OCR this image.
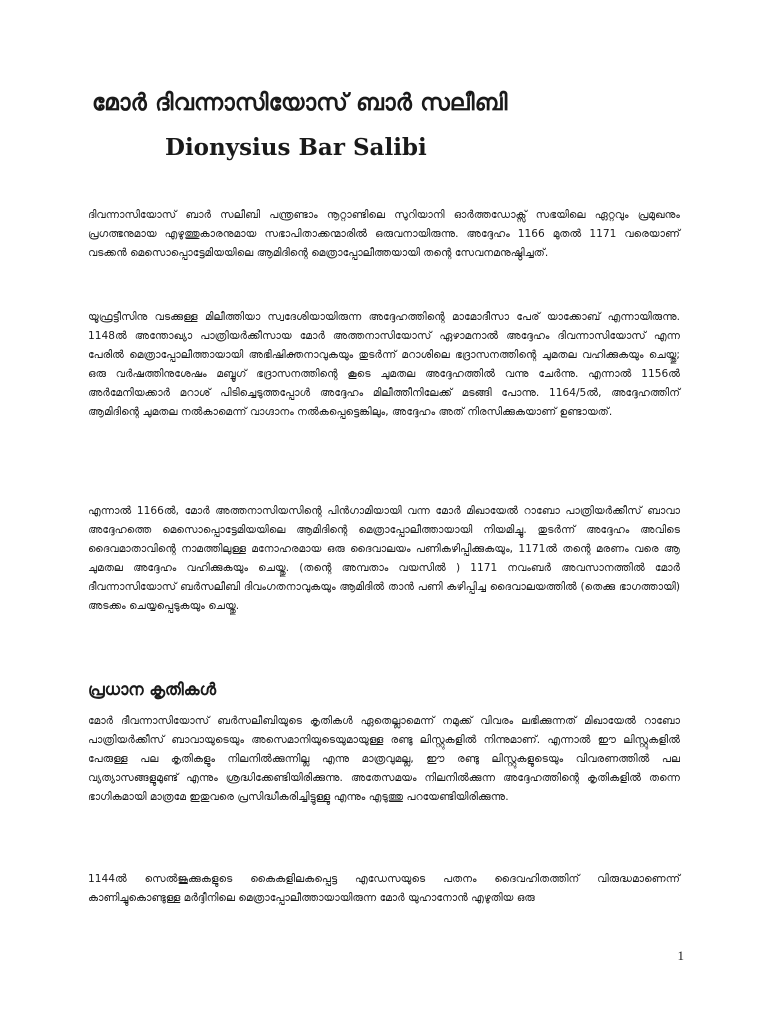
മോർ ദിവന്നാസിയോസ് ബാർ സലീബി
Dionysius Bar Salibi

ദിവന്നാസിയോസ് ബാർ സലീബി പന്ത്രണ്ടാം നൂറ്റാണ്ടിലെ സുറിയാനി ഓർത്തഡോക്സ് സഭയിലെ ഏറ്റവും പ്രമുഖനും പ്രഗത്ഭനുമായ എഴുത്തുകാരനുമായ സഭാപിതാക്കന്മാരിൽ ഒരുവനായിരുന്നു. അദ്ദേഹം 1166 മുതൽ 1171 വരെയാണ് വടക്കൻ മെസൊപ്പൊട്ടേമിയയിലെ ആമിദിന്റെ മെത്രാപ്പോലീത്തയായി തന്റെ സേവനമനുഷ്ഠിച്ചത്.

യൂഫ്രട്ടീസിനു വടക്കുള്ള മിലീത്തിയാ സ്വദേശിയായിരുന്ന അദ്ദേഹത്തിന്റെ മാമോദീസാ പേര് യാക്കോബ് എന്നായിരുന്നു. 1148ൽ അന്തോഖ്യാ പാത്രിയർക്കീസായ മോർ അത്തനാസിയോസ് ഏഴാമനാൽ അദ്ദേഹം ദിവന്നാസിയോസ് എന്ന പേരിൽ മെത്രാപ്പോലീത്തായായി അഭിഷിക്തനാവുകയും തുടർന്ന് മറാശിലെ ഭദ്രാസനത്തിന്റെ ചുമതല വഹിക്കുകയും ചെയ്തു; ഒരു വർഷത്തിനുശേഷം മബ്ബൂഗ് ഭദ്രാസനത്തിന്റെ കൂടെ ചുമതല അദ്ദേഹത്തിൽ വന്നു ചേർന്നു. എന്നാൽ 1156ൽ അർമേനിയക്കാർ മറാശ് പിടിച്ചെടുത്തപ്പോൾ അദ്ദേഹം മിലീത്തീനിലേക്ക് മടങ്ങി പോന്നു. 1164/5ൽ, അദ്ദേഹത്തിന് ആമിദിന്റെ ചുമതല നൽകാമെന്ന് വാഗ്ദാനം നൽകപ്പെട്ടെങ്കിലും, അദ്ദേഹം അത് നിരസിക്കുകയാണ് ഉണ്ടായത്.

എന്നാൽ 1166ൽ, മോർ അത്തനാസിയസിന്റെ പിൻഗാമിയായി വന്ന മോർ മിഖായേൽ റാബോ പാത്രിയർക്കീസ് ബാവാ അദ്ദേഹത്തെ മെസൊപ്പൊട്ടേമിയയിലെ ആമിദിന്റെ മെത്രാപ്പോലീത്തായായി നിയമിച്ചു. തുടർന്ന് അദ്ദേഹം അവിടെ ദൈവമാതാവിന്റെ നാമത്തിലുള്ള മനോഹരമായ ഒരു ദൈവാലയം പണികഴിപ്പിക്കുകയും, 1171ൽ തന്റെ മരണം വരെ ആ ചുമതല അദ്ദേഹം വഹിക്കുകയും ചെയ്തു. (തന്റെ അമ്പതാം വയസിൽ ) 1171 നവംബർ അവസാനത്തിൽ മോർ ദീവന്നാസിയോസ് ബർസലീബി ദിവംഗതനാവുകയും ആമിദിൽ താൻ പണി കഴിപ്പിച്ച ദൈവാലയത്തിൽ (തെക്കു ഭാഗത്തായി) അടക്കം ചെയ്യപ്പെടുകയും ചെയ്തു.

പ്രധാന കൃതികൾ

മോർ ദീവന്നാസിയോസ് ബർസലീബിയുടെ കൃതികൾ ഏതെല്ലാമെന്ന് നമുക്ക് വിവരം ലഭിക്കുന്നത് മിഖായേൽ റാബോ പാത്രിയർക്കീസ് ബാവായുടെയും അസെമാനിയുടെയുമായുള്ള രണ്ടു ലിസ്റ്റുകളിൽ നിന്നുമാണ്. എന്നാൽ ഈ ലിസ്റ്റുകളിൽ പേരുള്ള പല കൃതികളും നിലനിൽക്കുന്നില്ല എന്നു മാത്രവുമല്ല, ഈ രണ്ടു ലിസ്റ്റുകളുടെയും വിവരണത്തിൽ പല വ്യത്യാസങ്ങളുമുണ്ട് എന്നും ശ്രദ്ധിക്കേണ്ടിയിരിക്കുന്നു. അതേസമയം നിലനിൽക്കുന്ന അദ്ദേഹത്തിന്റെ കൃതികളിൽ തന്നെ ഭാഗികമായി മാത്രമേ ഇതുവരെ പ്രസിദ്ധീകരിച്ചിട്ടുള്ളു എന്നും എടുത്തു പറയേണ്ടിയിരിക്കുന്നു.

1144ൽ സെൽജൂക്കുകളുടെ കൈകളിലകപ്പെട്ട എഡേസയുടെ പതനം ദൈവഹിതത്തിന് വിരുദ്ധമാണെന്ന് കാണിച്ചുകൊണ്ടുള്ള മർദ്ദീനിലെ മെത്രാപ്പോലീത്തായായിരുന്ന മോർ യുഹാനോൻ എഴുതിയ ഒരു

1
